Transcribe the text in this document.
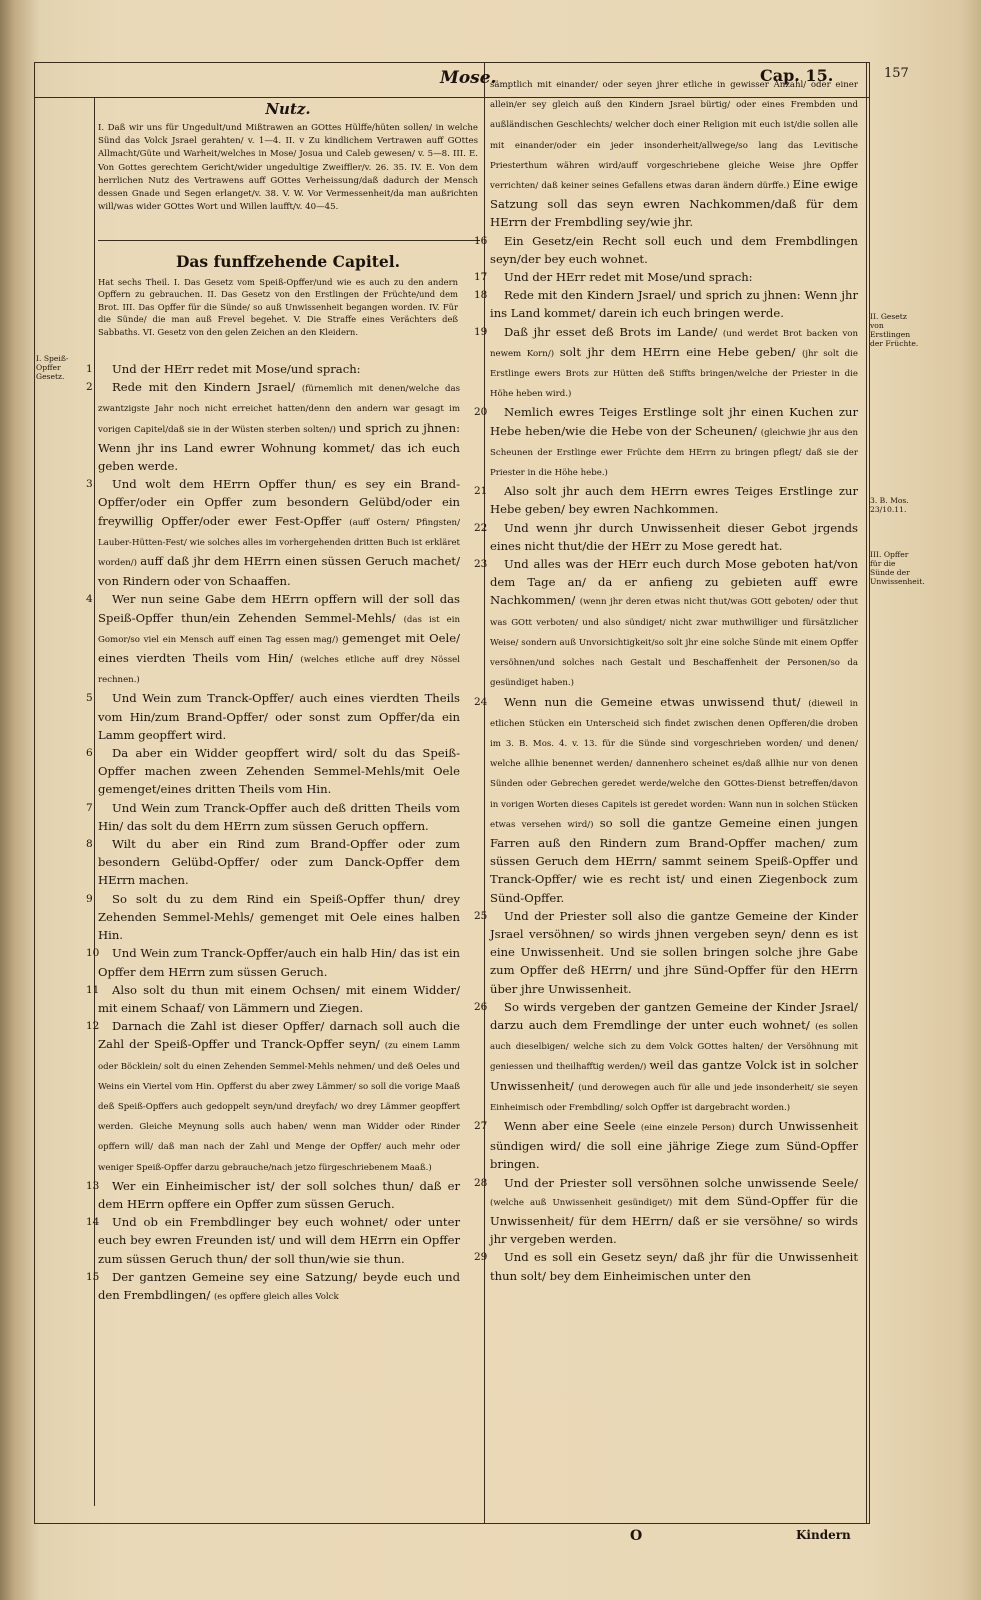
Mose.	Cap. 15.	157
Nutz.
I. Daß wir uns für Ungedult/und Mißtrawen an GOttes Hülffe/hüten sollen/ in welche Sünd das Volck Jsrael gerahten/ v. 1—4. II. v Zu kindlichem Vertrawen auff GOttes Allmacht/Güte und Warheit/welches in Mose/ Josua und Caleb gewesen/ v. 5—8. III. E. Von Gottes gerechtem Gericht/wider ungedultige Zweiffler/v. 26. 35. IV. E. Von dem herrlichen Nutz des Vertrawens auff GOttes Verheissung/daß dadurch der Mensch dessen Gnade und Segen erlanget/v. 38. V. W. Vor Vermessenheit/da man außrichten will/was wider GOttes Wort und Willen laufft/v. 40—45.
Das funffzehende Capitel.
Hat sechs Theil. I. Das Gesetz vom Speiß-Opffer/und wie es auch zu den andern Opffern zu gebrauchen. II. Das Gesetz von den Erstlingen der Früchte/und dem Brot. III. Das Opffer für die Sünde/ so auß Unwissenheit begangen worden. IV. Für die Sünde/ die man auß Frevel begehet. V. Die Straffe eines Verächters deß Sabbaths. VI. Gesetz von den gelen Zeichen an den Kleidern.
I. Speiß-Opffer Gesetz.
II. Gesetz von Erstlingen der Früchte.
3. B. Mos. 23/10.11.
III. Opffer für die Sünde der Unwissenheit.

1 Und der HErr redet mit Mose/und sprach:

2 Rede mit den Kindern Jsrael/ (fürnemlich mit denen/welche das zwantzigste Jahr noch nicht erreichet hatten/denn den andern war gesagt im vorigen Capitel/daß sie in der Wüsten sterben solten/) und sprich zu jhnen: Wenn jhr ins Land ewrer Wohnung kommet/ das ich euch geben werde.

3 Und wolt dem HErrn Opffer thun/ es sey ein Brand-Opffer/oder ein Opffer zum besondern Gelübd/oder ein freywillig Opffer/oder ewer Fest-Opffer (auff Ostern/ Pfingsten/ Lauber-Hütten-Fest/ wie solches alles im vorhergehenden dritten Buch ist erkläret worden/) auff daß jhr dem HErrn einen süssen Geruch machet/ von Rindern oder von Schaaffen.

4 Wer nun seine Gabe dem HErrn opffern will der soll das Speiß-Opffer thun/ein Zehenden Semmel-Mehls/ (das ist ein Gomor/so viel ein Mensch auff einen Tag essen mag/) gemenget mit Oele/ eines vierdten Theils vom Hin/ (welches etliche auff drey Nössel rechnen.)

5 Und Wein zum Tranck-Opffer/ auch eines vierdten Theils vom Hin/zum Brand-Opffer/ oder sonst zum Opffer/da ein Lamm geopffert wird.

6 Da aber ein Widder geopffert wird/ solt du das Speiß-Opffer machen zween Zehenden Semmel-Mehls/mit Oele gemenget/eines dritten Theils vom Hin.

7 Und Wein zum Tranck-Opffer auch deß dritten Theils vom Hin/ das solt du dem HErrn zum süssen Geruch opffern.

8 Wilt du aber ein Rind zum Brand-Opffer oder zum besondern Gelübd-Opffer/ oder zum Danck-Opffer dem HErrn machen.

9 So solt du zu dem Rind ein Speiß-Opffer thun/ drey Zehenden Semmel-Mehls/ gemenget mit Oele eines halben Hin.

10 Und Wein zum Tranck-Opffer/auch ein halb Hin/ das ist ein Opffer dem HErrn zum süssen Geruch.

11 Also solt du thun mit einem Ochsen/ mit einem Widder/ mit einem Schaaf/ von Lämmern und Ziegen.

12 Darnach die Zahl ist dieser Opffer/ darnach soll auch die Zahl der Speiß-Opffer und Tranck-Opffer seyn/ (zu einem Lamm oder Böcklein/ solt du einen Zehenden Semmel-Mehls nehmen/ und deß Oeles und Weins ein Viertel vom Hin. Opfferst du aber zwey Lämmer/ so soll die vorige Maaß deß Speiß-Opffers auch gedoppelt seyn/und dreyfach/ wo drey Lämmer geopffert werden. Gleiche Meynung solls auch haben/ wenn man Widder oder Rinder opffern will/ daß man nach der Zahl und Menge der Opffer/ auch mehr oder weniger Speiß-Opffer darzu gebrauche/nach jetzo fürgeschriebenem Maaß.)

13 Wer ein Einheimischer ist/ der soll solches thun/ daß er dem HErrn opffere ein Opffer zum süssen Geruch.

14 Und ob ein Frembdlinger bey euch wohnet/ oder unter euch bey ewren Freunden ist/ und will dem HErrn ein Opffer zum süssen Geruch thun/ der soll thun/wie sie thun.

15 Der gantzen Gemeine sey eine Satzung/ beyde euch und den Frembdlingen/ (es opffere gleich alles Volck

sämptlich mit einander/ oder seyen jhrer etliche in gewisser Anzahl/ oder einer allein/er sey gleich auß den Kindern Jsrael bürtig/ oder eines Frembden und außländischen Geschlechts/ welcher doch einer Religion mit euch ist/die sollen alle mit einander/oder ein jeder insonderheit/allwege/so lang das Levitische Priesterthum währen wird/auff vorgeschriebene gleiche Weise jhre Opffer verrichten/ daß keiner seines Gefallens etwas daran ändern dürffe.) Eine ewige Satzung soll das seyn ewren Nachkommen/daß für dem HErrn der Frembdling sey/wie jhr.

16 Ein Gesetz/ein Recht soll euch und dem Frembdlingen seyn/der bey euch wohnet.

17 Und der HErr redet mit Mose/und sprach:

18 Rede mit den Kindern Jsrael/ und sprich zu jhnen: Wenn jhr ins Land kommet/ darein ich euch bringen werde.

19 Daß jhr esset deß Brots im Lande/ (und werdet Brot backen von newem Korn/) solt jhr dem HErrn eine Hebe geben/ (jhr solt die Erstlinge ewers Brots zur Hütten deß Stiffts bringen/welche der Priester in die Höhe heben wird.)

20 Nemlich ewres Teiges Erstlinge solt jhr einen Kuchen zur Hebe heben/wie die Hebe von der Scheunen/ (gleichwie jhr aus den Scheunen der Erstlinge ewer Früchte dem HErrn zu bringen pflegt/ daß sie der Priester in die Höhe hebe.)

21 Also solt jhr auch dem HErrn ewres Teiges Erstlinge zur Hebe geben/ bey ewren Nachkommen.

22 Und wenn jhr durch Unwissenheit dieser Gebot jrgends eines nicht thut/die der HErr zu Mose geredt hat.

23 Und alles was der HErr euch durch Mose geboten hat/von dem Tage an/ da er anfieng zu gebieten auff ewre Nachkommen/ (wenn jhr deren etwas nicht thut/was GOtt geboten/ oder thut was GOtt verboten/ und also sündiget/ nicht zwar muthwilliger und fürsätzlicher Weise/ sondern auß Unvorsichtigkeit/so solt jhr eine solche Sünde mit einem Opffer versöhnen/und solches nach Gestalt und Beschaffenheit der Personen/so da gesündiget haben.)

24 Wenn nun die Gemeine etwas unwissend thut/ (dieweil in etlichen Stücken ein Unterscheid sich findet zwischen denen Opfferen/die droben im 3. B. Mos. 4. v. 13. für die Sünde sind vorgeschrieben worden/ und denen/ welche allhie benennet werden/ dannenhero scheinet es/daß allhie nur von denen Sünden oder Gebrechen geredet werde/welche den GOttes-Dienst betreffen/davon in vorigen Worten dieses Capitels ist geredet worden: Wann nun in solchen Stücken etwas versehen wird/) so soll die gantze Gemeine einen jungen Farren auß den Rindern zum Brand-Opffer machen/ zum süssen Geruch dem HErrn/ sammt seinem Speiß-Opffer und Tranck-Opffer/ wie es recht ist/ und einen Ziegenbock zum Sünd-Opffer.

25 Und der Priester soll also die gantze Gemeine der Kinder Jsrael versöhnen/ so wirds jhnen vergeben seyn/ denn es ist eine Unwissenheit. Und sie sollen bringen solche jhre Gabe zum Opffer deß HErrn/ und jhre Sünd-Opffer für den HErrn über jhre Unwissenheit.

26 So wirds vergeben der gantzen Gemeine der Kinder Jsrael/ darzu auch dem Fremdlinge der unter euch wohnet/ (es sollen auch dieselbigen/ welche sich zu dem Volck GOttes halten/ der Versöhnung mit geniessen und theilhafftig werden/) weil das gantze Volck ist in solcher Unwissenheit/ (und derowegen auch für alle und jede insonderheit/ sie seyen Einheimisch oder Frembdling/ solch Opffer ist dargebracht worden.)

27 Wenn aber eine Seele (eine einzele Person) durch Unwissenheit sündigen wird/ die soll eine jährige Ziege zum Sünd-Opffer bringen.

28 Und der Priester soll versöhnen solche unwissende Seele/ (welche auß Unwissenheit gesündiget/) mit dem Sünd-Opffer für die Unwissenheit/ für dem HErrn/ daß er sie versöhne/ so wirds jhr vergeben werden.

29 Und es soll ein Gesetz seyn/ daß jhr für die Unwissenheit thun solt/ bey dem Einheimischen unter den

O	Kindern
